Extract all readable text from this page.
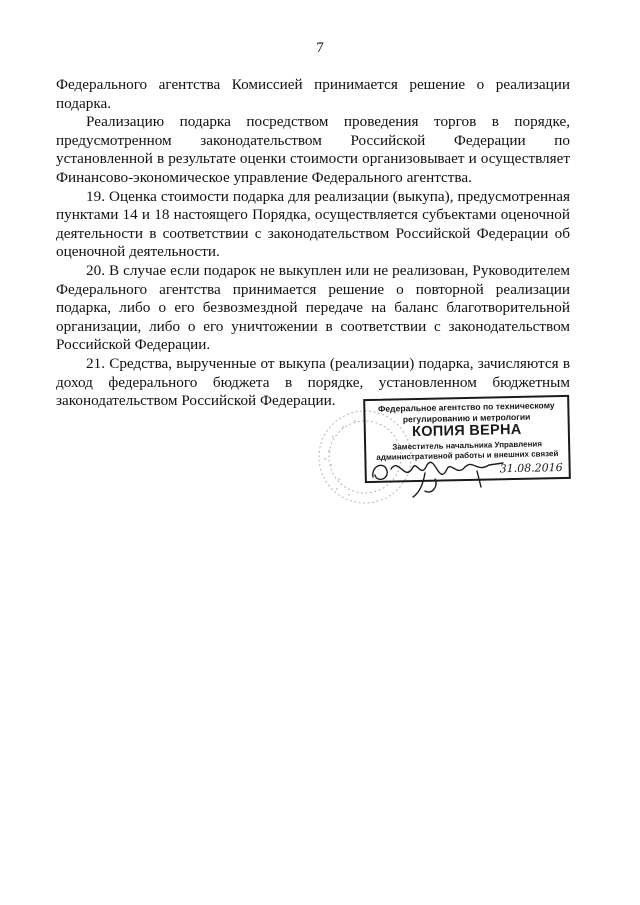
7

Федерального агентства Комиссией принимается решение о реализации подарка.

Реализацию подарка посредством проведения торгов в порядке, предусмотренном законодательством Российской Федерации по установленной в результате оценки стоимости организовывает и осуществляет Финансово-экономическое управление Федерального агентства.

19. Оценка стоимости подарка для реализации (выкупа), предусмотренная пунктами 14 и 18 настоящего Порядка, осуществляется субъектами оценочной деятельности в соответствии с законодательством Российской Федерации об оценочной деятельности.

20. В случае если подарок не выкуплен или не реализован, Руководителем Федерального агентства принимается решение о повторной реализации подарка, либо о его безвозмездной передаче на баланс благотворительной организации, либо о его уничтожении в соответствии с законодательством Российской Федерации.

21. Средства, вырученные от выкупа (реализации) подарка, зачисляются в доход федерального бюджета в порядке, установленном бюджетным законодательством Российской Федерации.	Федеральное агентство по техническому
регулированию и метрологии
КОПИЯ ВЕРНА
Заместитель начальника Управления
административной работы и внешних связей
31.08.2016
